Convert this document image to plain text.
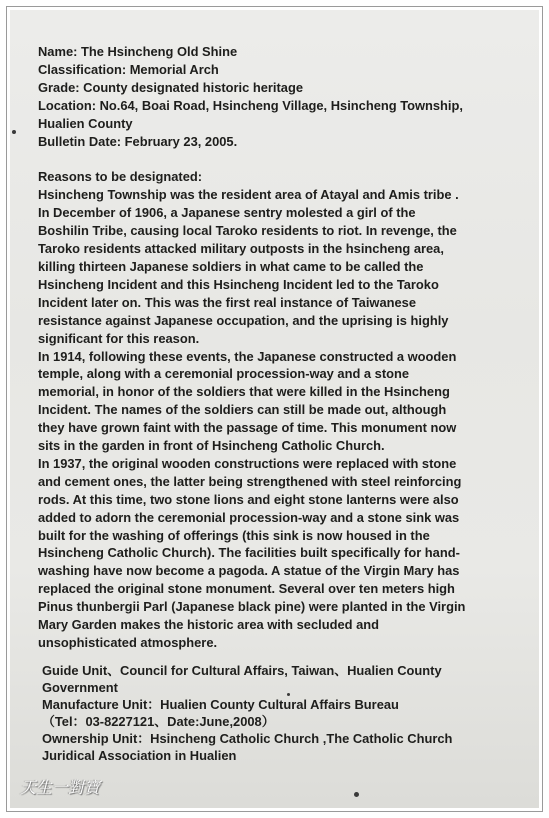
Name: The Hsincheng Old Shine
Classification: Memorial Arch
Grade: County designated historic heritage
Location: No.64, Boai Road, Hsincheng Village, Hsincheng Township,
Hualien County
Bulletin Date: February 23, 2005.
Reasons to be designated:
Hsincheng Township was the resident area of Atayal and Amis tribe .
In December of 1906, a Japanese sentry molested a girl of the
Boshilin Tribe, causing local Taroko residents to riot. In revenge, the
Taroko residents attacked military outposts in the hsincheng area,
killing thirteen Japanese soldiers in what came to be called the
Hsincheng Incident and this Hsincheng Incident led to the Taroko
Incident later on. This was the first real instance of Taiwanese
resistance against Japanese occupation, and the uprising is highly
significant for this reason.
In 1914, following these events, the Japanese constructed a wooden
temple, along with a ceremonial procession-way and a stone
memorial, in honor of the soldiers that were killed in the Hsincheng
Incident. The names of the soldiers can still be made out, although
they have grown faint with the passage of time. This monument now
sits in the garden in front of Hsincheng Catholic Church.
In 1937, the original wooden constructions were replaced with stone
and cement ones, the latter being strengthened with steel reinforcing
rods. At this time, two stone lions and eight stone lanterns were also
added to adorn the ceremonial procession-way and a stone sink was
built for the washing of offerings (this sink is now housed in the
Hsincheng Catholic Church). The facilities built specifically for hand-
washing have now become a pagoda. A statue of the Virgin Mary has
replaced the original stone monument. Several over ten meters high
Pinus thunbergii Parl (Japanese black pine) were planted in the Virgin
Mary Garden makes the historic area with secluded and
unsophisticated atmosphere.
Guide Unit、Council for Cultural Affairs, Taiwan、Hualien County
Government
Manufacture Unit：Hualien County Cultural Affairs Bureau
（Tel：03-8227121、Date:June,2008）
Ownership Unit：Hsincheng Catholic Church ,The Catholic Church
Juridical Association in Hualien
天生一對寶
